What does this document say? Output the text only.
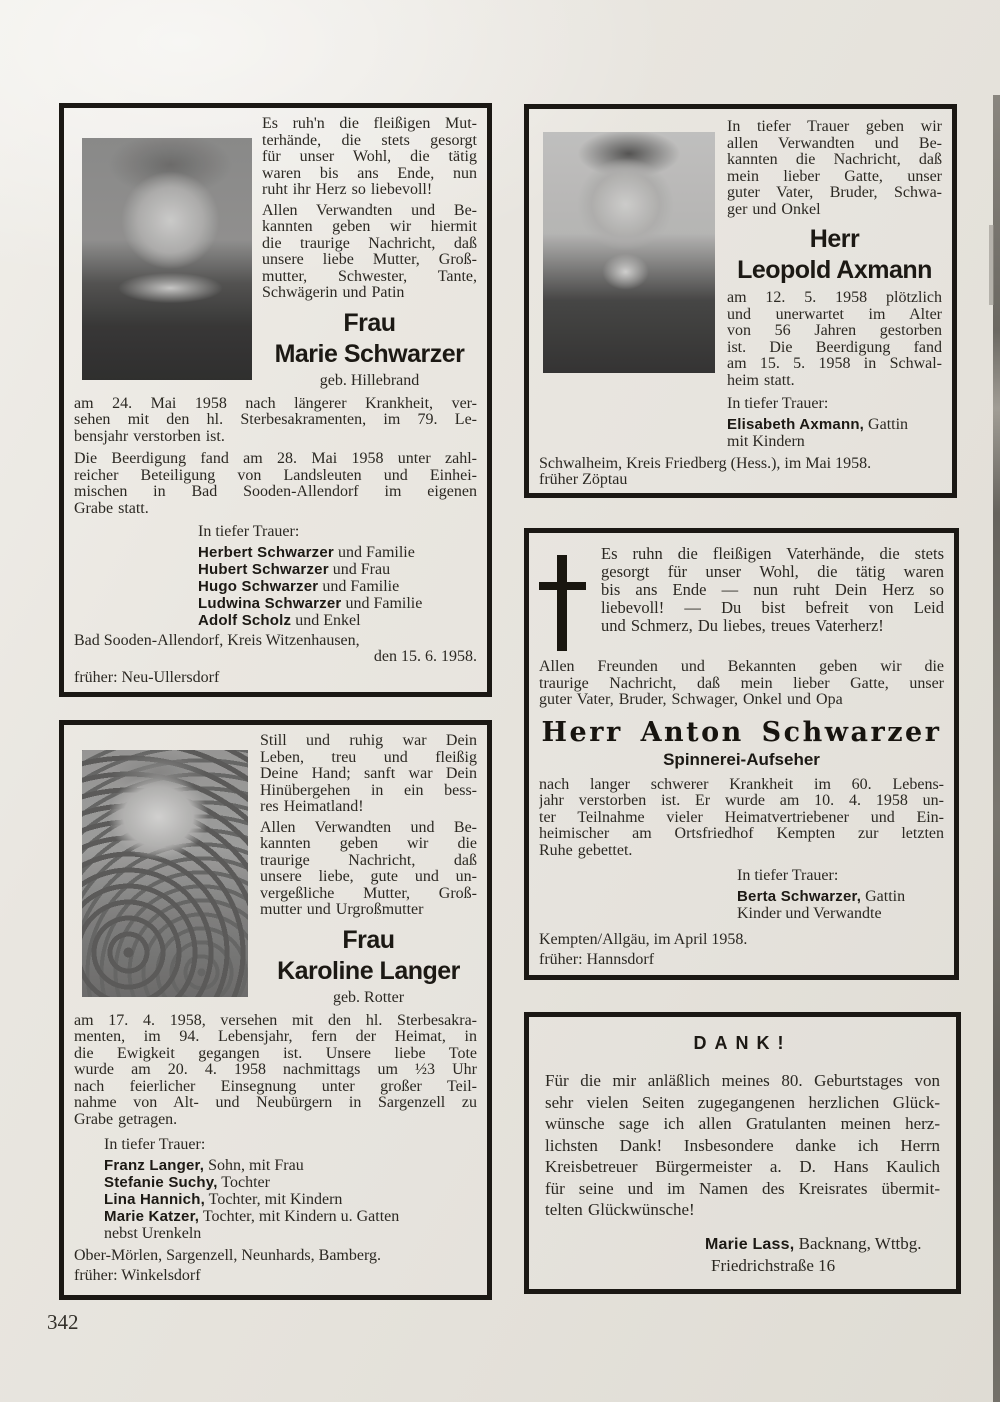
Es ruh'n die fleißigen Mut-
terhände, die stets gesorgt
für unser Wohl, die tätig
waren bis ans Ende, nun
ruht ihr Herz so liebevoll!
Allen Verwandten und Be-
kannten geben wir hiermit
die traurige Nachricht, daß
unsere liebe Mutter, Groß-
mutter, Schwester, Tante,
Schwägerin und Patin
Frau
Marie Schwarzer
geb. Hillebrand
am 24. Mai 1958 nach längerer Krankheit, ver-
sehen mit den hl. Sterbesakramenten, im 79. Le-
bensjahr verstorben ist.
Die Beerdigung fand am 28. Mai 1958 unter zahl-
reicher Beteiligung von Landsleuten und Einhei-
mischen in Bad Sooden-Allendorf im eigenen
Grabe statt.
In tiefer Trauer:
Herbert Schwarzer und Familie
Hubert Schwarzer und Frau
Hugo Schwarzer und Familie
Ludwina Schwarzer und Familie
Adolf Scholz und Enkel
Bad Sooden-Allendorf, Kreis Witzenhausen,
den 15. 6. 1958.
früher: Neu-Ullersdorf
In tiefer Trauer geben wir
allen Verwandten und Be-
kannten die Nachricht, daß
mein lieber Gatte, unser
guter Vater, Bruder, Schwa-
ger und Onkel
Herr
Leopold Axmann
am 12. 5. 1958 plötzlich
und unerwartet im Alter
von 56 Jahren gestorben
ist. Die Beerdigung fand
am 15. 5. 1958 in Schwal-
heim statt.
In tiefer Trauer:
Elisabeth Axmann, Gattin
mit Kindern
Schwalheim, Kreis Friedberg (Hess.), im Mai 1958.
früher Zöptau
Es ruhn die fleißigen Vaterhände, die stets
gesorgt für unser Wohl, die tätig waren
bis ans Ende — nun ruht Dein Herz so
liebevoll! — Du bist befreit von Leid
und Schmerz, Du liebes, treues Vaterherz!
Allen Freunden und Bekannten geben wir die
traurige Nachricht, daß mein lieber Gatte, unser
guter Vater, Bruder, Schwager, Onkel und Opa
Herr Anton Schwarzer
Spinnerei-Aufseher
nach langer schwerer Krankheit im 60. Lebens-
jahr verstorben ist. Er wurde am 10. 4. 1958 un-
ter Teilnahme vieler Heimatvertriebener und Ein-
heimischer am Ortsfriedhof Kempten zur letzten
Ruhe gebettet.
In tiefer Trauer:
Berta Schwarzer, Gattin
Kinder und Verwandte
Kempten/Allgäu, im April 1958.
früher: Hannsdorf
Still und ruhig war Dein
Leben, treu und fleißig
Deine Hand; sanft war Dein
Hinübergehen in ein bess-
res Heimatland!
Allen Verwandten und Be-
kannten geben wir die
traurige Nachricht, daß
unsere liebe, gute und un-
vergeßliche Mutter, Groß-
mutter und Urgroßmutter
Frau
Karoline Langer
geb. Rotter
am 17. 4. 1958, versehen mit den hl. Sterbesakra-
menten, im 94. Lebensjahr, fern der Heimat, in
die Ewigkeit gegangen ist. Unsere liebe Tote
wurde am 20. 4. 1958 nachmittags um ½3 Uhr
nach feierlicher Einsegnung unter großer Teil-
nahme von Alt- und Neubürgern in Sargenzell zu
Grabe getragen.
In tiefer Trauer:
Franz Langer, Sohn, mit Frau
Stefanie Suchy, Tochter
Lina Hannich, Tochter, mit Kindern
Marie Katzer, Tochter, mit Kindern u. Gatten
nebst Urenkeln
Ober-Mörlen, Sargenzell, Neunhards, Bamberg.
früher: Winkelsdorf
DANK!
Für die mir anläßlich meines 80. Geburtstages von
sehr vielen Seiten zugegangenen herzlichen Glück-
wünsche sage ich allen Gratulanten meinen herz-
lichsten Dank! Insbesondere danke ich Herrn
Kreisbetreuer Bürgermeister a. D. Hans Kaulich
für seine und im Namen des Kreisrates übermit-
telten Glückwünsche!
Marie Lass, Backnang, Wttbg.
Friedrichstraße 16
342
